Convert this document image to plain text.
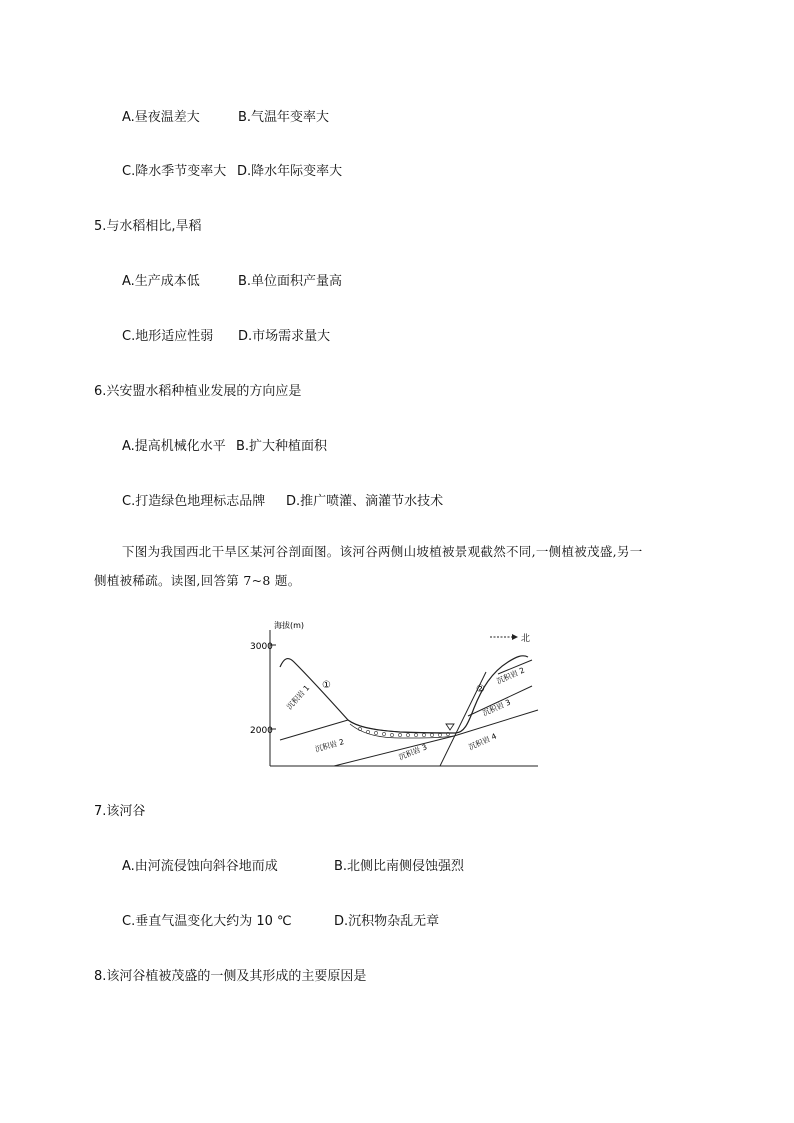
A.昼夜温差大	B.气温年变率大
C.降水季节变率大 D.降水年际变率大
5.与水稻相比,旱稻
A.生产成本低	B.单位面积产量高
C.地形适应性弱 D.市场需求量大
6.兴安盟水稻种植业发展的方向应是
A.提高机械化水平 B.扩大种植面积
C.打造绿色地理标志品牌 D.推广喷灌、滴灌节水技术
下图为我国西北干旱区某河谷剖面图。该河谷两侧山坡植被景观截然不同,一侧植被茂盛,另一
侧植被稀疏。读图,回答第 7~8 题。
3000
2000
海拔(m)
北
①	②
沉积岩 1
沉积岩 2	沉积岩 3
沉积岩 4
沉积岩 3
沉积岩 2
7.该河谷
A.由河流侵蚀向斜谷地而成	B.北侧比南侧侵蚀强烈
C.垂直气温变化大约为 10 ℃	D.沉积物杂乱无章
8.该河谷植被茂盛的一侧及其形成的主要原因是
